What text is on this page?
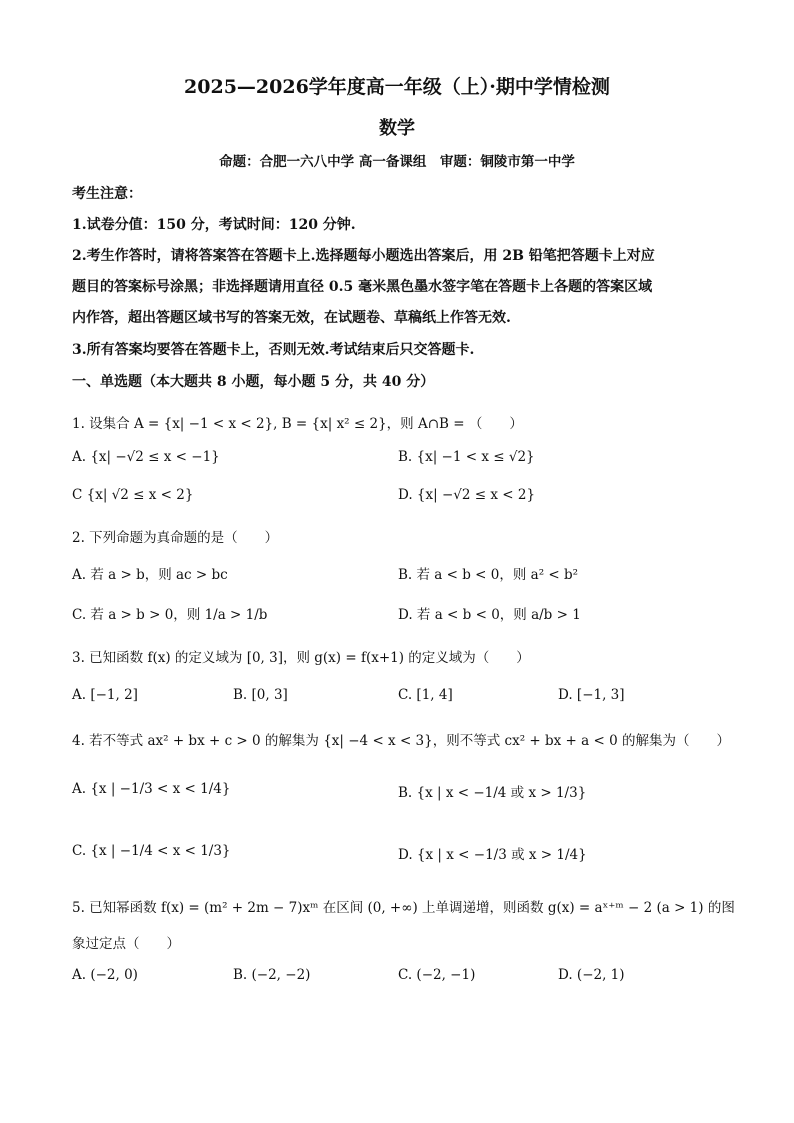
2025—2026学年度高一年级（上）·期中学情检测
数学
命题：合肥一六八中学 高一备课组　审题：铜陵市第一中学
考生注意：
1.试卷分值：150 分，考试时间：120 分钟.
2.考生作答时，请将答案答在答题卡上.选择题每小题选出答案后，用 2B 铅笔把答题卡上对应
题目的答案标号涂黑；非选择题请用直径 0.5 毫米黑色墨水签字笔在答题卡上各题的答案区域
内作答，超出答题区域书写的答案无效，在试题卷、草稿纸上作答无效.
3.所有答案均要答在答题卡上，否则无效.考试结束后只交答题卡.
一、单选题（本大题共 8 小题，每小题 5 分，共 40 分）
1. 设集合 A = {x| −1 < x < 2}, B = {x| x² ≤ 2}，则 A∩B = （　　）
A. {x| −√2 ≤ x < −1}	B. {x| −1 < x ≤ √2}
C {x| √2 ≤ x < 2}	D. {x| −√2 ≤ x < 2}
2. 下列命题为真命题的是（　　）
A. 若 a > b，则 ac > bc	B. 若 a < b < 0，则 a² < b²
C. 若 a > b > 0，则 1/a > 1/b	D. 若 a < b < 0，则 a/b > 1
3. 已知函数 f(x) 的定义域为 [0, 3]，则 g(x) = f(x+1) 的定义域为（　　）
A. [−1, 2]	B. [0, 3]	C. [1, 4]	D. [−1, 3]
4. 若不等式 ax² + bx + c > 0 的解集为 {x| −4 < x < 3}，则不等式 cx² + bx + a < 0 的解集为（　　）
A. {x | −1/3 < x < 1/4}	B. {x | x < −1/4 或 x > 1/3}
C. {x | −1/4 < x < 1/3}	D. {x | x < −1/3 或 x > 1/4}
5. 已知幂函数 f(x) = (m² + 2m − 7)xᵐ 在区间 (0, +∞) 上单调递增，则函数 g(x) = aˣ⁺ᵐ − 2 (a > 1) 的图
象过定点（　　）
A. (−2, 0)	B. (−2, −2)	C. (−2, −1)	D. (−2, 1)
